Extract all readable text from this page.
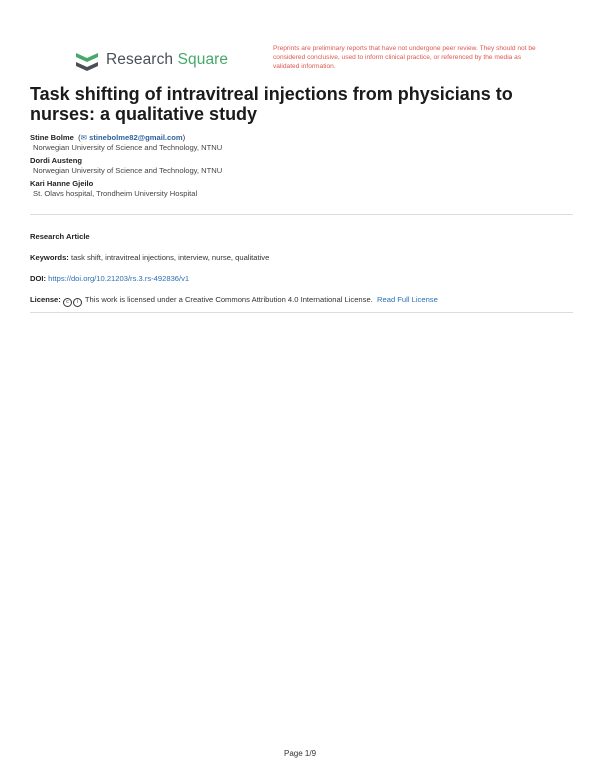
Research Square
Preprints are preliminary reports that have not undergone peer review. They should not be considered conclusive, used to inform clinical practice, or referenced by the media as validated information.
Task shifting of intravitreal injections from physicians to nurses: a qualitative study
Stine Bolme  (✉ stinebolme82@gmail.com)
Norwegian University of Science and Technology, NTNU
Dordi Austeng
Norwegian University of Science and Technology, NTNU
Kari Hanne Gjeilo
St. Olavs hospital, Trondheim University Hospital
Research Article
Keywords: task shift, intravitreal injections, interview, nurse, qualitative
DOI: https://doi.org/10.21203/rs.3.rs-492836/v1
License: c i This work is licensed under a Creative Commons Attribution 4.0 International License. Read Full License
Page 1/9
